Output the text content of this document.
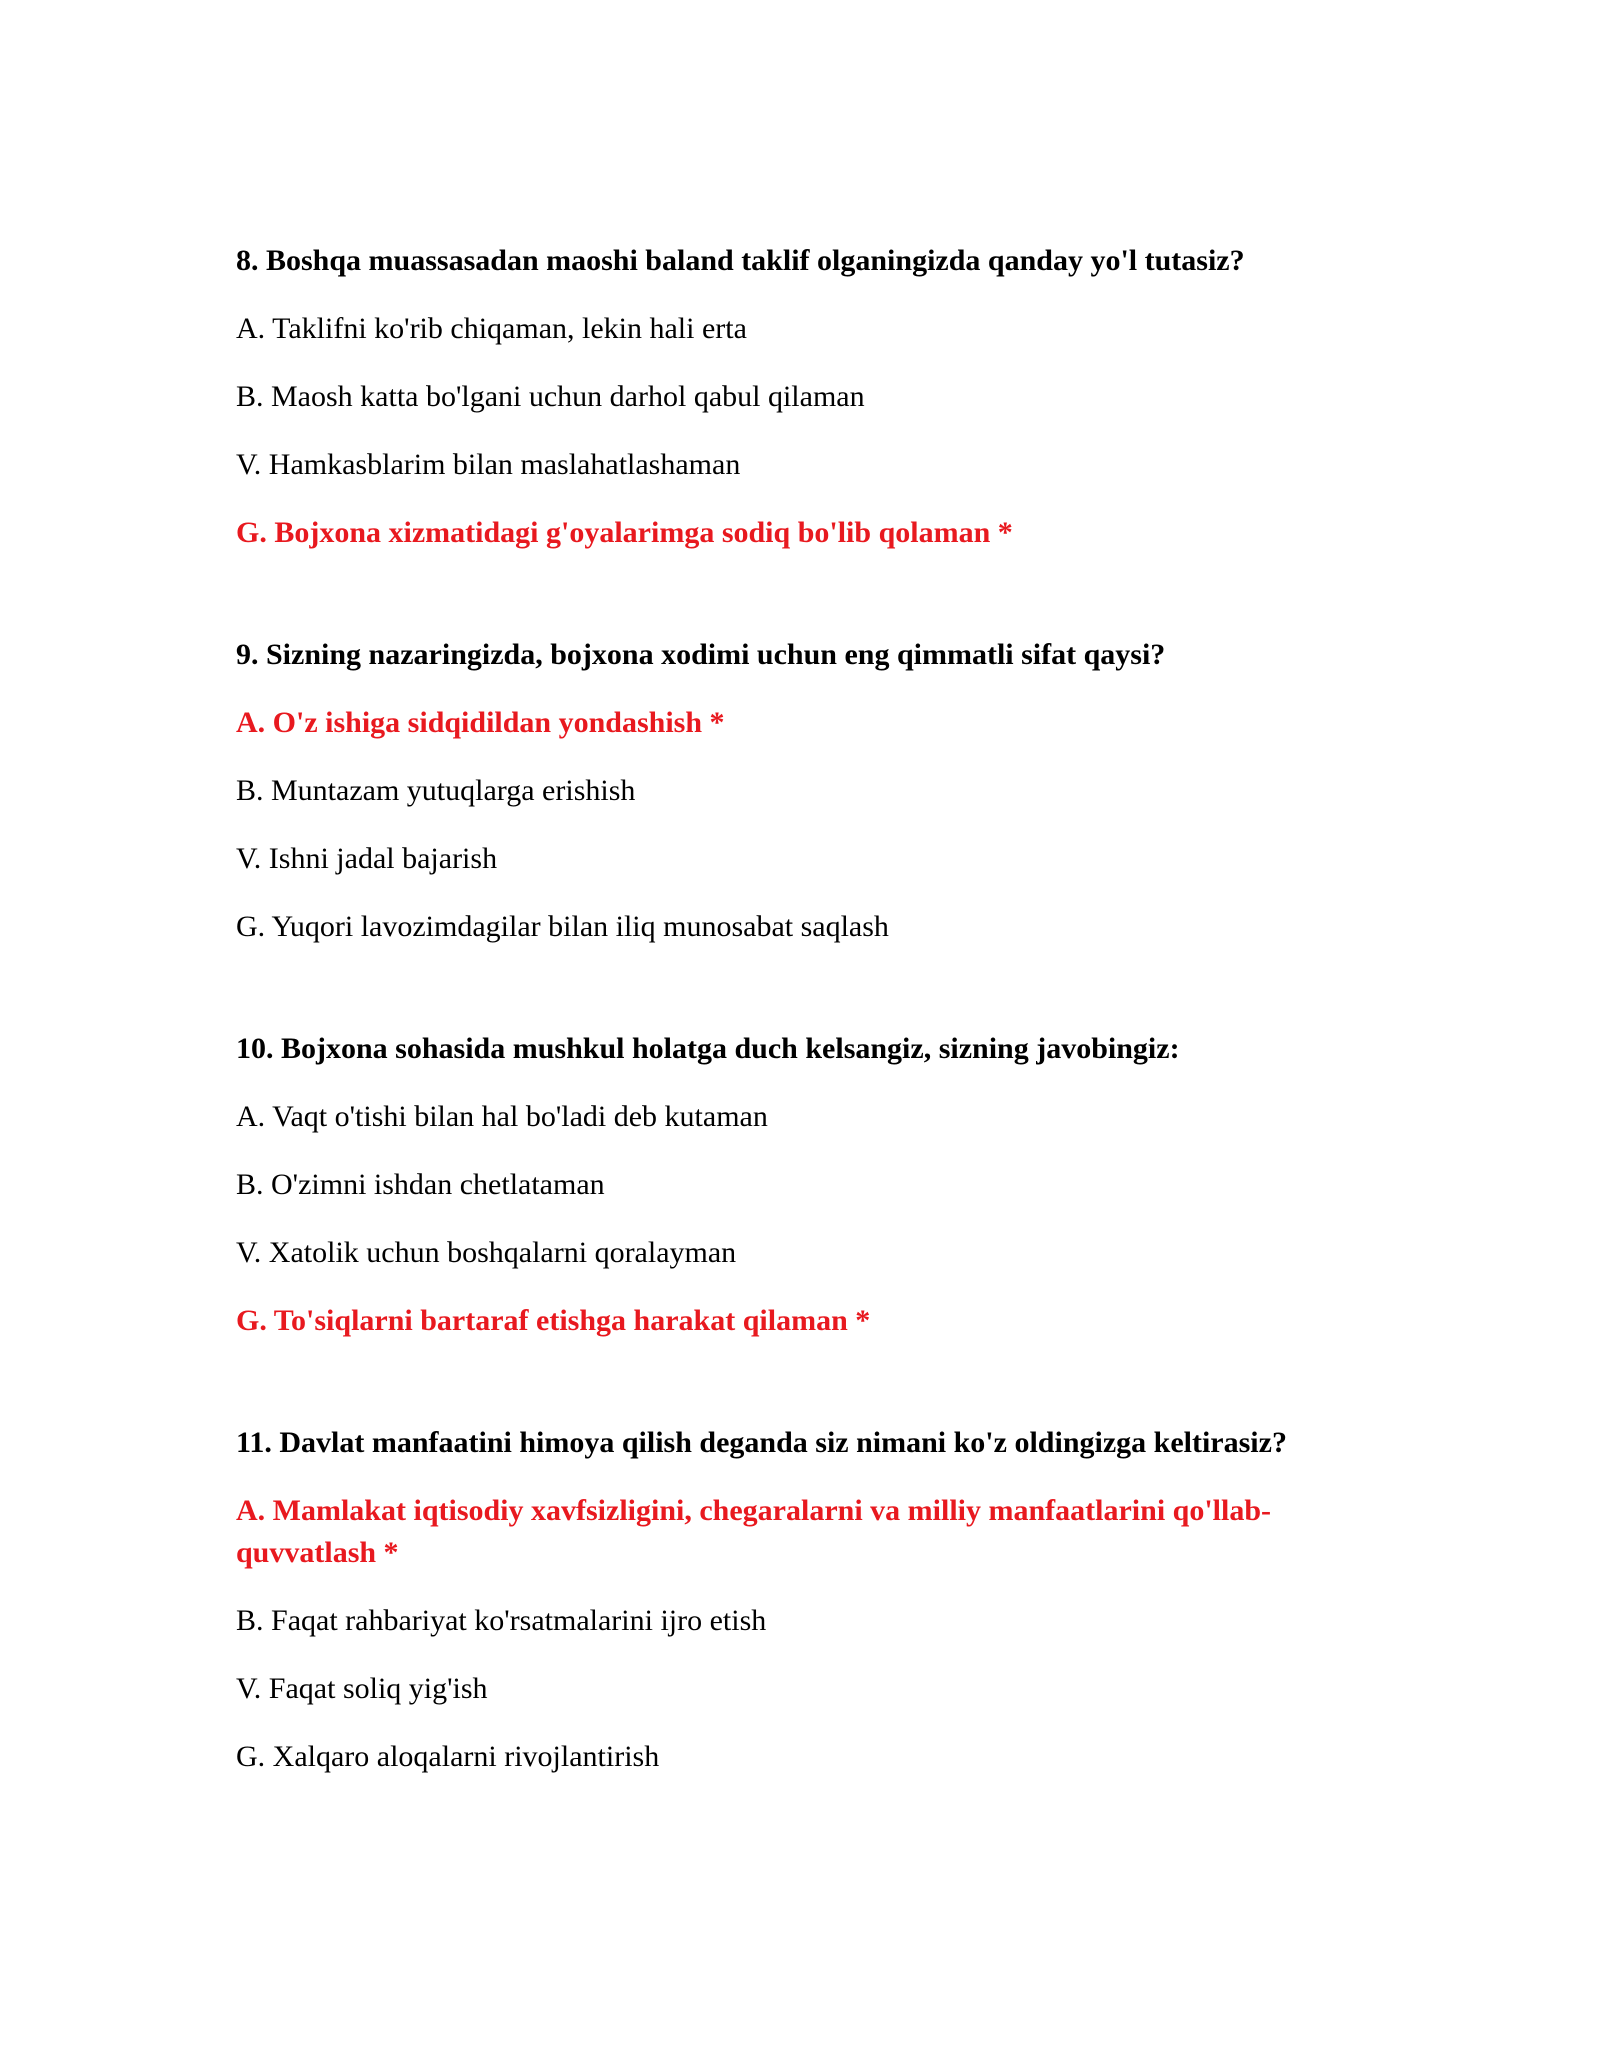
8. Boshqa muassasadan maoshi baland taklif olganingizda qanday yo'l tutasiz?

A. Taklifni ko'rib chiqaman, lekin hali erta

B. Maosh katta bo'lgani uchun darhol qabul qilaman

V. Hamkasblarim bilan maslahatlashaman

G. Bojxona xizmatidagi g'oyalarimga sodiq bo'lib qolaman *

9. Sizning nazaringizda, bojxona xodimi uchun eng qimmatli sifat qaysi?

A. O'z ishiga sidqidildan yondashish *

B. Muntazam yutuqlarga erishish

V. Ishni jadal bajarish

G. Yuqori lavozimdagilar bilan iliq munosabat saqlash

10. Bojxona sohasida mushkul holatga duch kelsangiz, sizning javobingiz:

A. Vaqt o'tishi bilan hal bo'ladi deb kutaman

B. O'zimni ishdan chetlataman

V. Xatolik uchun boshqalarni qoralayman

G. To'siqlarni bartaraf etishga harakat qilaman *

11. Davlat manfaatini himoya qilish deganda siz nimani ko'z oldingizga keltirasiz?

A. Mamlakat iqtisodiy xavfsizligini, chegaralarni va milliy manfaatlarini qo'llab-quvvatlash *

B. Faqat rahbariyat ko'rsatmalarini ijro etish

V. Faqat soliq yig'ish

G. Xalqaro aloqalarni rivojlantirish
